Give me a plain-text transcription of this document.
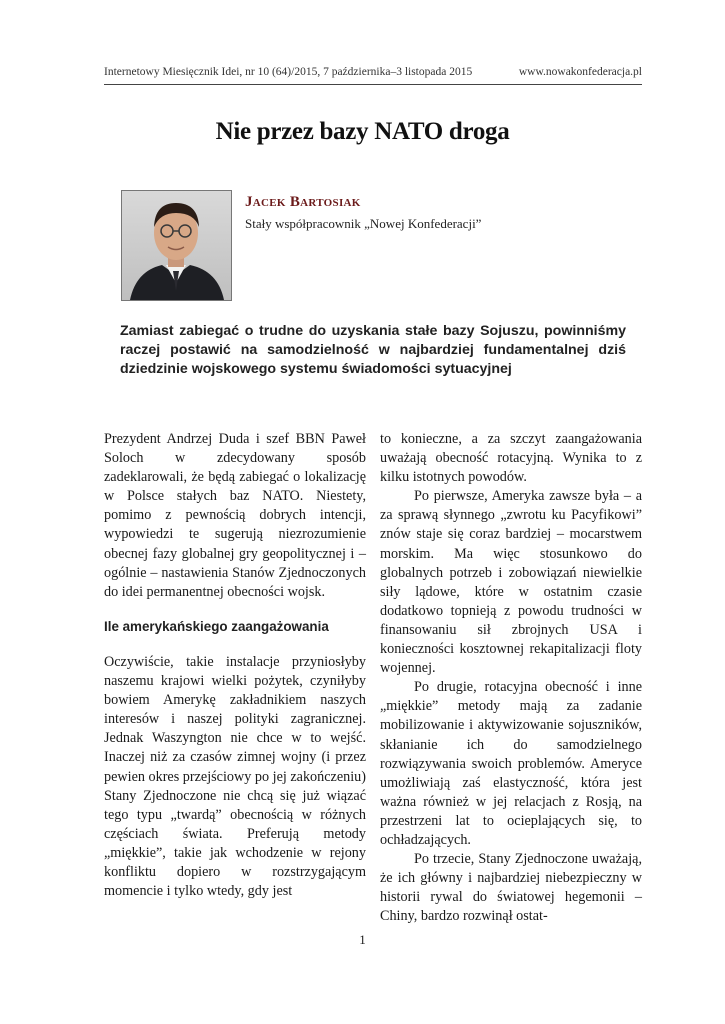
Internetowy Miesięcznik Idei, nr 10 (64)/2015, 7 października–3 listopada 2015	www.nowakonfederacja.pl
Nie przez bazy NATO droga
Jacek Bartosiak
Stały współpracownik „Nowej Konfederacji”
Zamiast zabiegać o trudne do uzyskania stałe bazy Sojuszu, powinniśmy raczej postawić na samodzielność w najbardziej fundamentalnej dziś dziedzinie wojskowego systemu świadomości sytuacyjnej

Prezydent Andrzej Duda i szef BBN Paweł Soloch w zdecydowany sposób zadeklarowali, że będą zabiegać o lokalizację w Polsce stałych baz NATO. Niestety, pomimo z pewnością dobrych intencji, wypowiedzi te sugerują niezrozumienie obecnej fazy globalnej gry geopolitycznej i – ogólnie – nastawienia Stanów Zjednoczonych do idei permanentnej obecności wojsk.

Ile amerykańskiego zaangażowania

Oczywiście, takie instalacje przyniosłyby naszemu krajowi wielki pożytek, czyniłyby bowiem Amerykę zakładnikiem naszych interesów i naszej polityki zagranicznej. Jednak Waszyngton nie chce w to wejść. Inaczej niż za czasów zimnej wojny (i przez pewien okres przejściowy po jej zakończeniu) Stany Zjednoczone nie chcą się już wiązać tego typu „twardą” obecnością w różnych częściach świata. Preferują metody „miękkie”, takie jak wchodzenie w rejony konfliktu dopiero w rozstrzygającym momencie i tylko wtedy, gdy jest

to konieczne, a za szczyt zaangażowania uważają obecność rotacyjną. Wynika to z kilku istotnych powodów.

Po pierwsze, Ameryka zawsze była – a za sprawą słynnego „zwrotu ku Pacyfikowi” znów staje się coraz bardziej – mocarstwem morskim. Ma więc stosunkowo do globalnych potrzeb i zobowiązań niewielkie siły lądowe, które w ostatnim czasie dodatkowo topnieją z powodu trudności w finansowaniu sił zbrojnych USA i konieczności kosztownej rekapitalizacji floty wojennej.

Po drugie, rotacyjna obecność i inne „miękkie” metody mają za zadanie mobilizowanie i aktywizowanie sojuszników, skłanianie ich do samodzielnego rozwiązywania swoich problemów. Ameryce umożliwiają zaś elastyczność, która jest ważna również w jej relacjach z Rosją, na przestrzeni lat to ocieplających się, to ochładzających.

Po trzecie, Stany Zjednoczone uważają, że ich główny i najbardziej niebezpieczny w historii rywal do światowej hegemonii – Chiny, bardzo rozwinął ostat-

1
